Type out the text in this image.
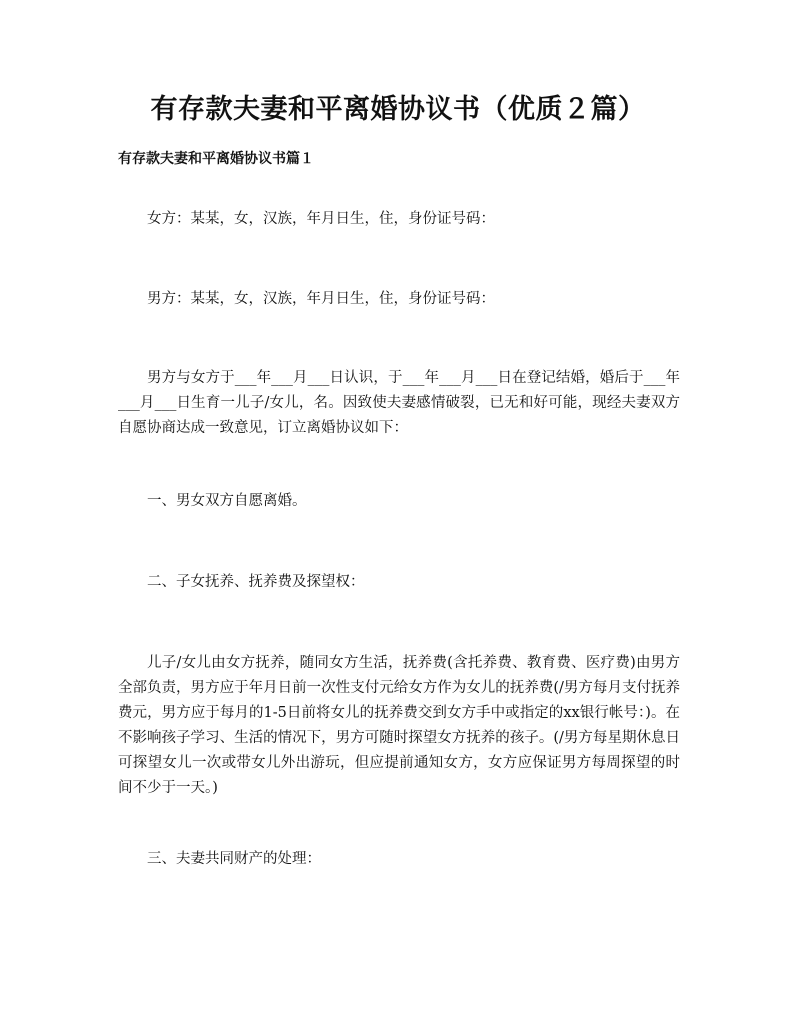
有存款夫妻和平离婚协议书（优质２篇）
有存款夫妻和平离婚协议书篇１

女方：某某，女，汉族，年月日生，住，身份证号码：

男方：某某，女，汉族，年月日生，住，身份证号码：

男方与女方于___年___月___日认识，于___年___月___日在登记结婚，婚后于___年___月___日生育一儿子/女儿，名。因致使夫妻感情破裂，已无和好可能，现经夫妻双方自愿协商达成一致意见，订立离婚协议如下：

一、男女双方自愿离婚。

二、子女抚养、抚养费及探望权：

儿子/女儿由女方抚养，随同女方生活，抚养费(含托养费、教育费、医疗费)由男方全部负责，男方应于年月日前一次性支付元给女方作为女儿的抚养费(/男方每月支付抚养费元，男方应于每月的1-5日前将女儿的抚养费交到女方手中或指定的xx银行帐号：)。在不影响孩子学习、生活的情况下，男方可随时探望女方抚养的孩子。(/男方每星期休息日可探望女儿一次或带女儿外出游玩，但应提前通知女方，女方应保证男方每周探望的时间不少于一天。)

三、夫妻共同财产的处理：
